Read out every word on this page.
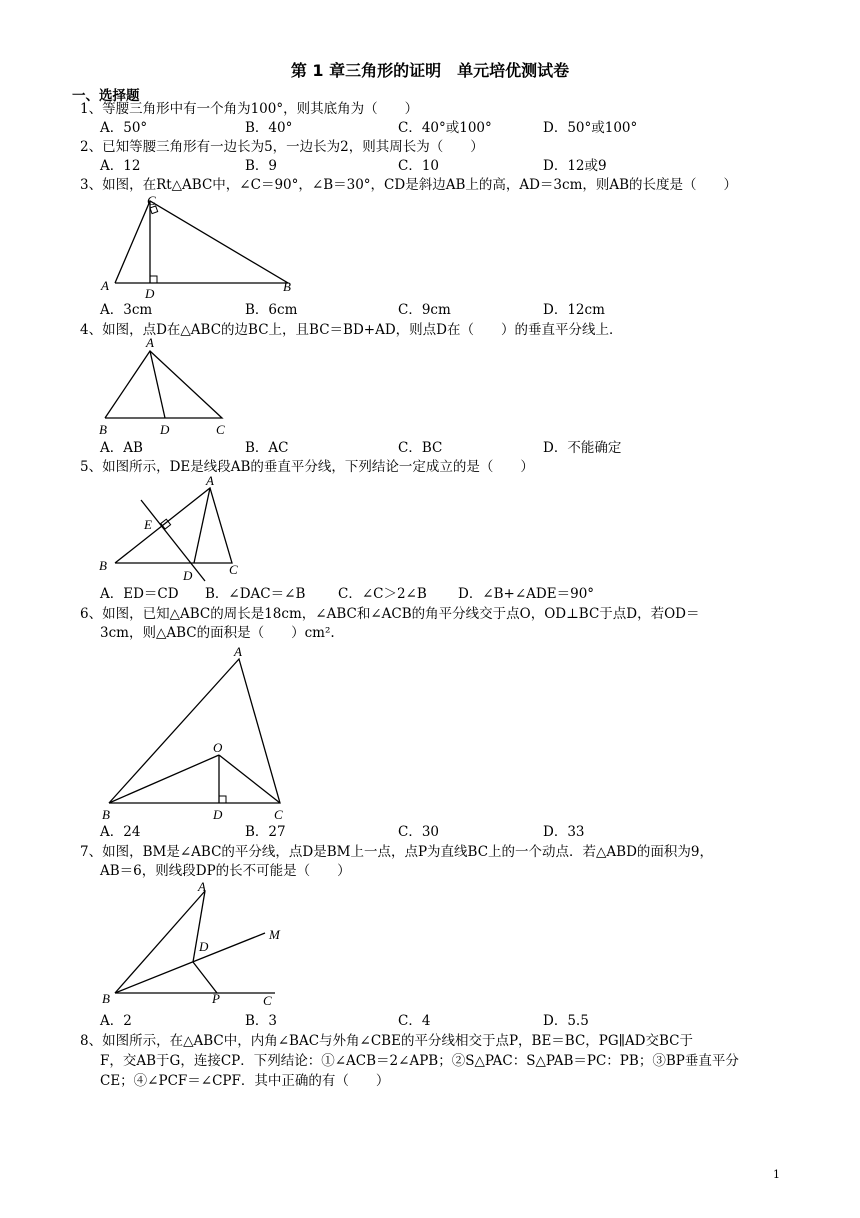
第 1 章三角形的证明　单元培优测试卷
一、选择题
1、等腰三角形中有一个角为100°，则其底角为（　　）
A．50°	B．40°	C．40°或100°	D．50°或100°
2、已知等腰三角形有一边长为5，一边长为2，则其周长为（　　）
A．12	B．9	C．10	D．12或9
3、如图，在Rt△ABC中，∠C＝90°，∠B＝30°，CD是斜边AB上的高，AD＝3cm，则AB的长度是（　　）
C
A	B
D
A．3cm	B．6cm	C．9cm	D．12cm
4、如图，点D在△ABC的边BC上，且BC＝BD+AD，则点D在（　　）的垂直平分线上．
A
B	D	C
A．AB	B．AC	C．BC	D．不能确定
5、如图所示，DE是线段AB的垂直平分线，下列结论一定成立的是（　　）
A
E
B
D	C
A．ED＝CD B．∠DAC＝∠B C．∠C＞2∠B D．∠B+∠ADE＝90°
6、如图，已知△ABC的周长是18cm，∠ABC和∠ACB的角平分线交于点O，OD⊥BC于点D，若OD＝
3cm，则△ABC的面积是（　　）cm².
A
O
B	D	C
A．24	B．27	C．30	D．33
7、如图，BM是∠ABC的平分线，点D是BM上一点，点P为直线BC上的一个动点．若△ABD的面积为9，
AB＝6，则线段DP的长不可能是（　　）
A
D
M
B	P	C
A．2	B．3	C．4	D．5.5
8、如图所示，在△ABC中，内角∠BAC与外角∠CBE的平分线相交于点P，BE＝BC，PG∥AD交BC于
F，交AB于G，连接CP．下列结论：①∠ACB＝2∠APB；②S△PAC：S△PAB＝PC：PB；③BP垂直平分
CE；④∠PCF＝∠CPF．其中正确的有（　　）
1
